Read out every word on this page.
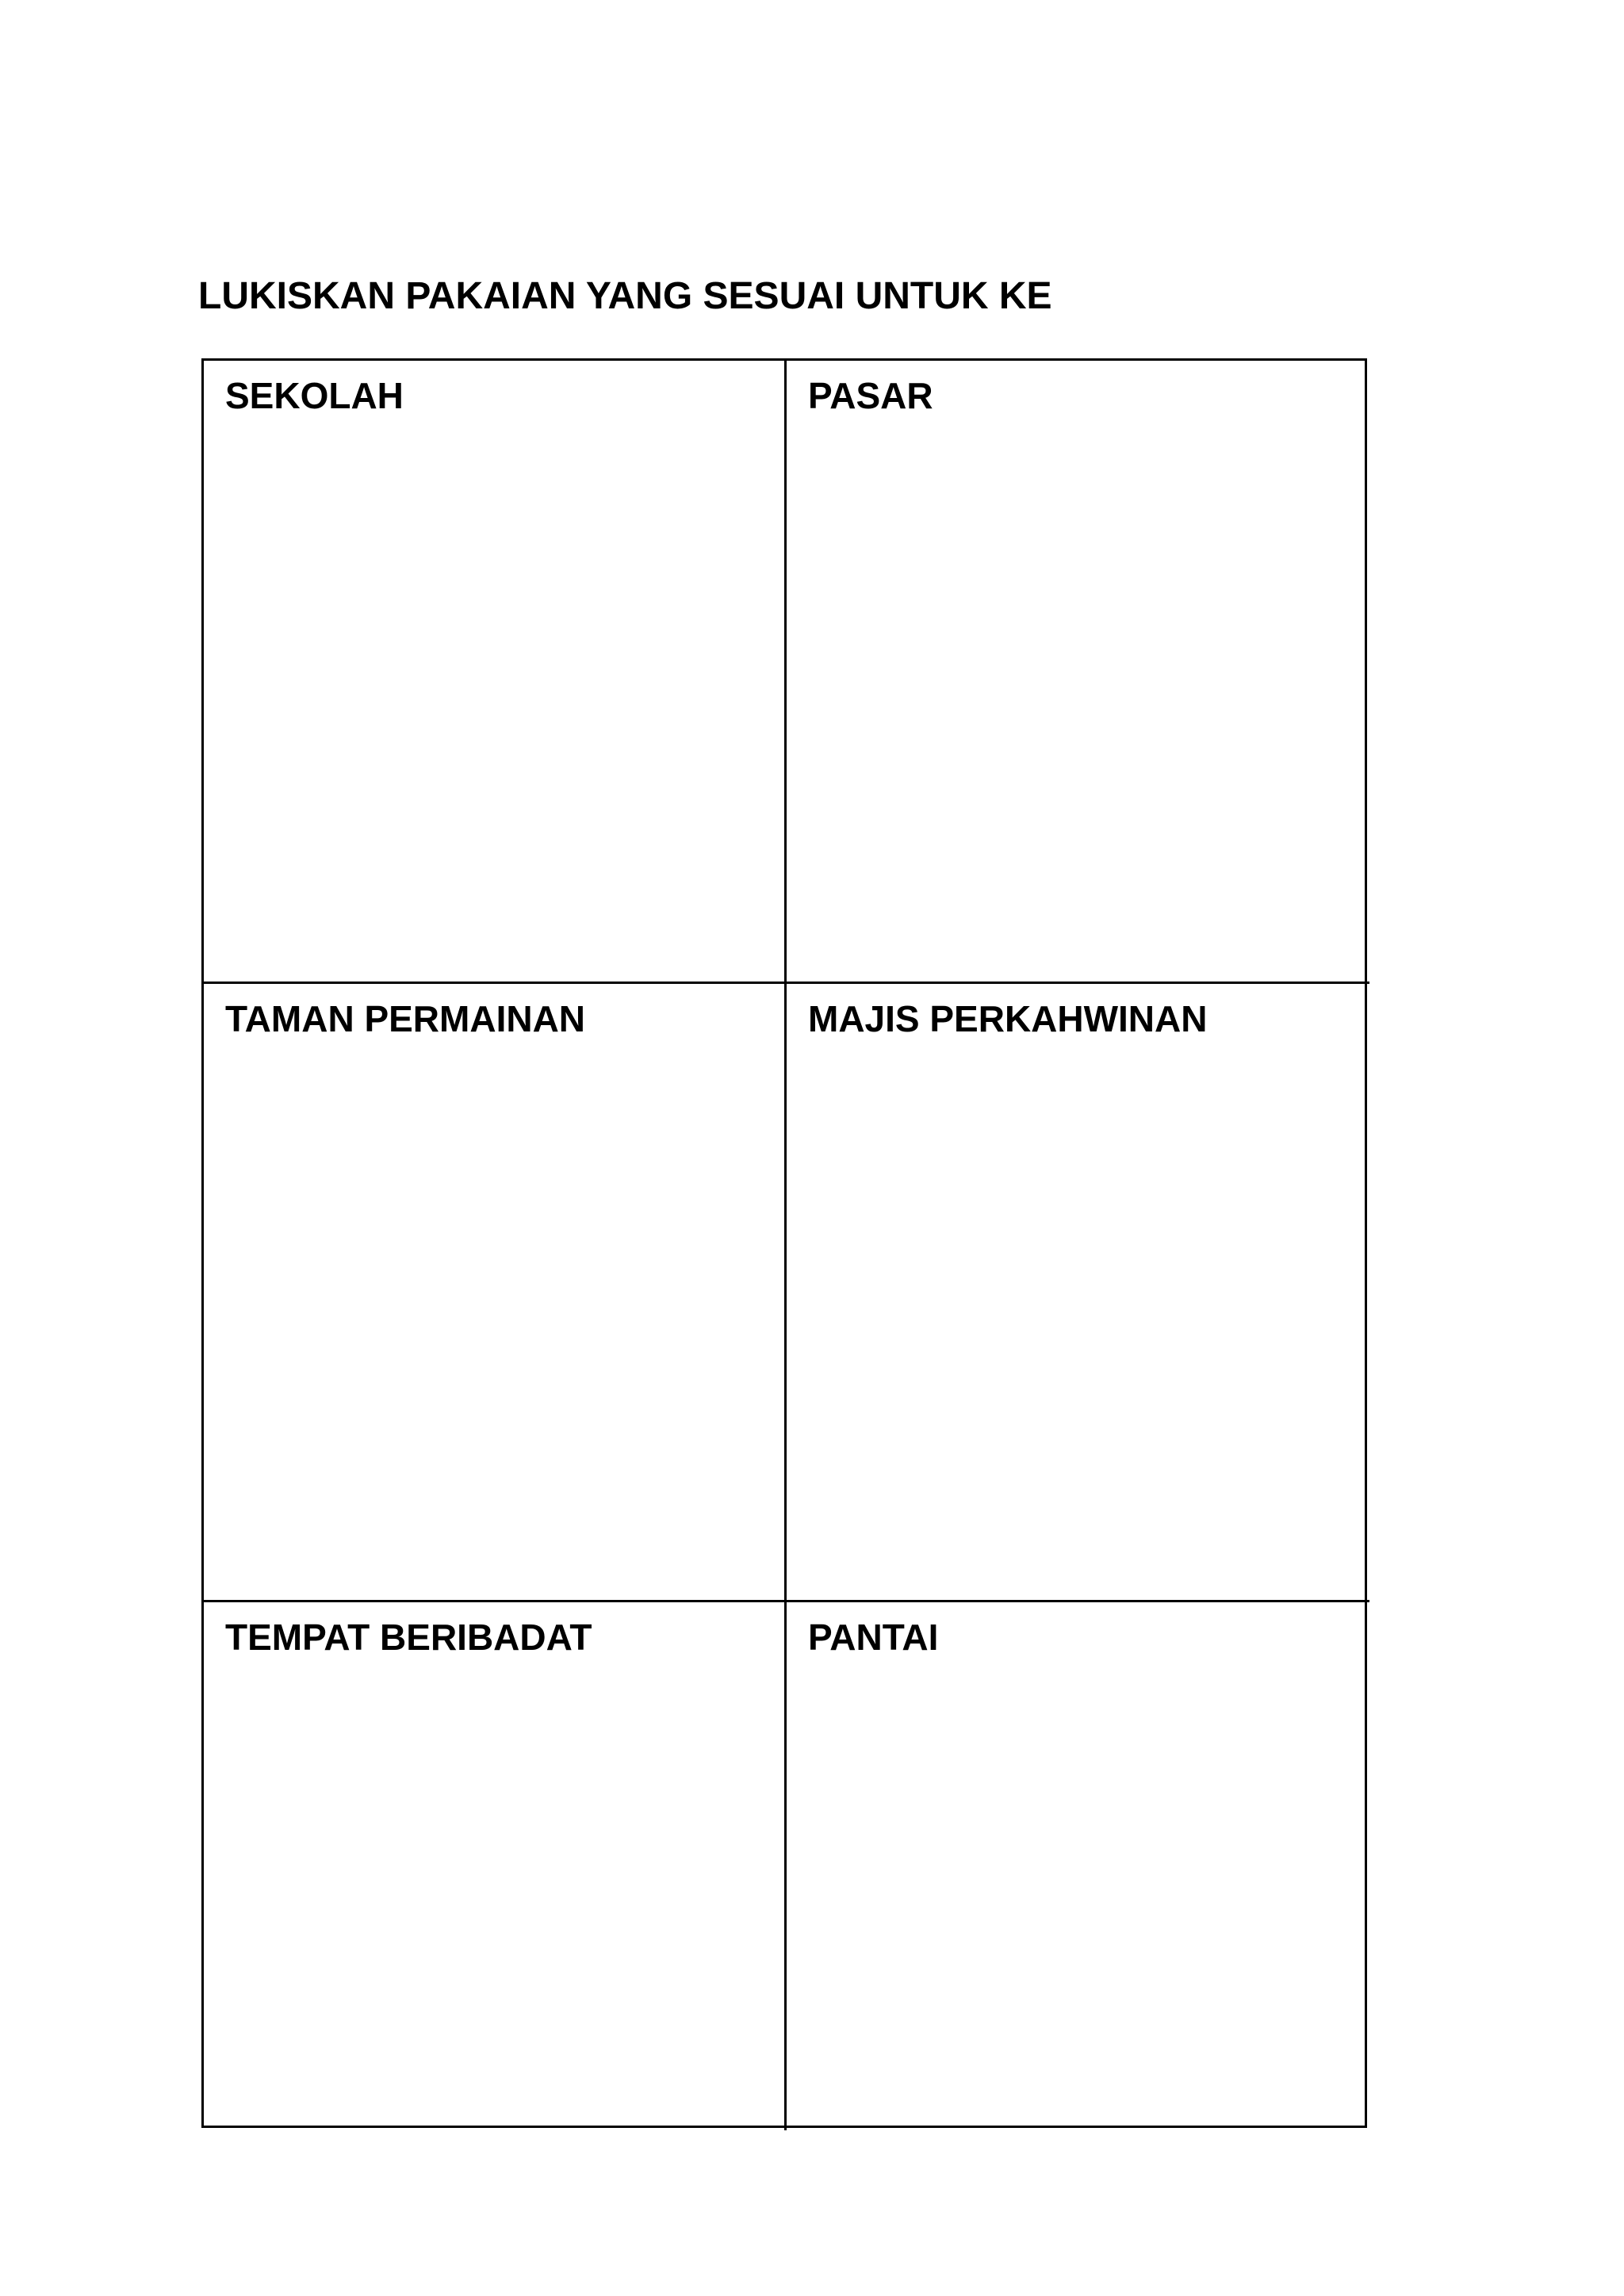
LUKISKAN PAKAIAN YANG SESUAI UNTUK KE
SEKOLAH	PASAR
TAMAN PERMAINAN	MAJIS PERKAHWINAN
TEMPAT BERIBADAT	PANTAI
